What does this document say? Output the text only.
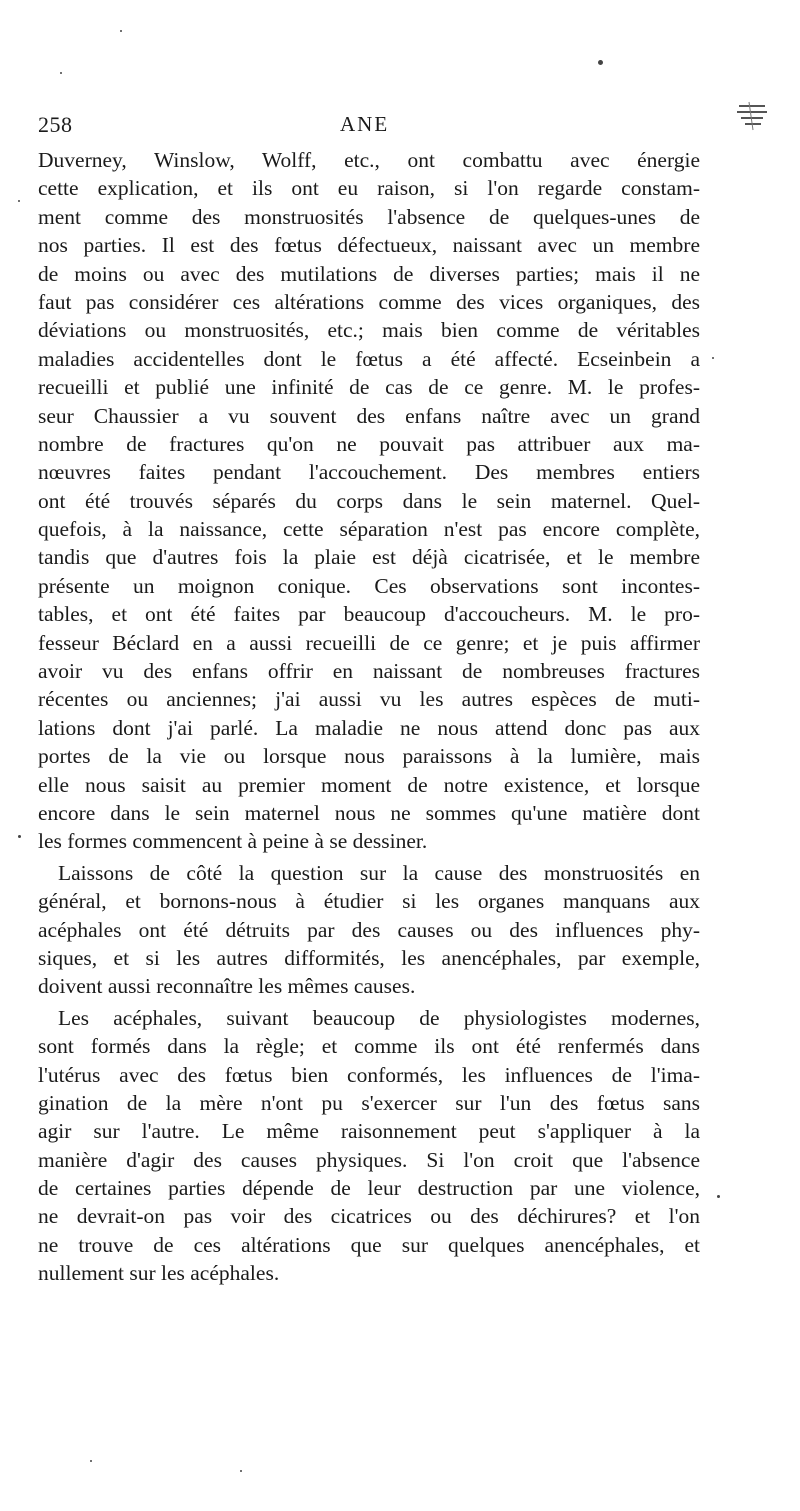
258	ANE
Duverney, Winslow, Wolff, etc., ont combattu avec énergie
cette explication, et ils ont eu raison, si l'on regarde constam-
ment comme des monstruosités l'absence dе quelques-unes de
nos parties. Il est des fœtus défectueux, naissant avec un membre
de moins ou avec des mutilations de diverses parties; mais il ne
faut pas considérer ces altérations comme des vices organiques, des
déviations ou monstruosités, etc.; mais bien comme de véritables
maladies accidentelles dont le fœtus a été affecté. Ecseinbein a
recueilli et publié une infinité de cas de ce genre. M. le profes-
seur Chaussier a vu souvent des enfans naître avec un grand
nombre de fractures qu'on ne pouvait pas attribuer aux ma-
nœuvres faites pendant l'accouchement. Des membres entiers
ont été trouvés séparés du corps dans le sein maternel. Quel-
quefois, à la naissance, cette séparation n'est pas encore complète,
tandis que d'autres fois la plaie est déjà cicatrisée, et le membre
présente un moignon conique. Ces observations sont incontes-
tables, et ont été faites par beaucoup d'accoucheurs. M. le pro-
fesseur Béclard en a aussi recueilli de ce genre; et je puis affirmer
avoir vu des enfans offrir en naissant de nombreuses fractures
récentes ou anciennes; j'ai aussi vu les autres espèces de muti-
lations dont j'ai parlé. La maladie ne nous attend donc pas aux
portes de la vie ou lorsque nous paraissons à la lumière, mais
elle nous saisit au premier moment de notre existence, et lorsque
encore dans le sein maternel nous ne sommes qu'une matière dont
les formes commencent à peine à se dessiner.
Laissons de côté la question sur la cause des monstruosités en
général, et bornons-nous à étudier si les organes manquans aux
acéphales ont été détruits par des causes ou des influences phy-
siques, et si les autres difformités, les anencéphales, par exemple,
doivent aussi reconnaître les mêmes causes.
Les acéphales, suivant beaucoup de physiologistes modernes,
sont formés dans la règle; et comme ils ont été renfermés dans
l'utérus avec des fœtus bien conformés, les influences de l'ima-
gination de la mère n'ont pu s'exercer sur l'un des fœtus sans
agir sur l'autre. Le même raisonnement peut s'appliquer à la
manière d'agir des causes physiques. Si l'on croit que l'absence
de certaines parties dépende de leur destruction par une violence,
ne devrait-on pas voir des cicatrices ou des déchirures? et l'on
ne trouve de ces altérations que sur quelques anencéphales, et
nullement sur les acéphales.
